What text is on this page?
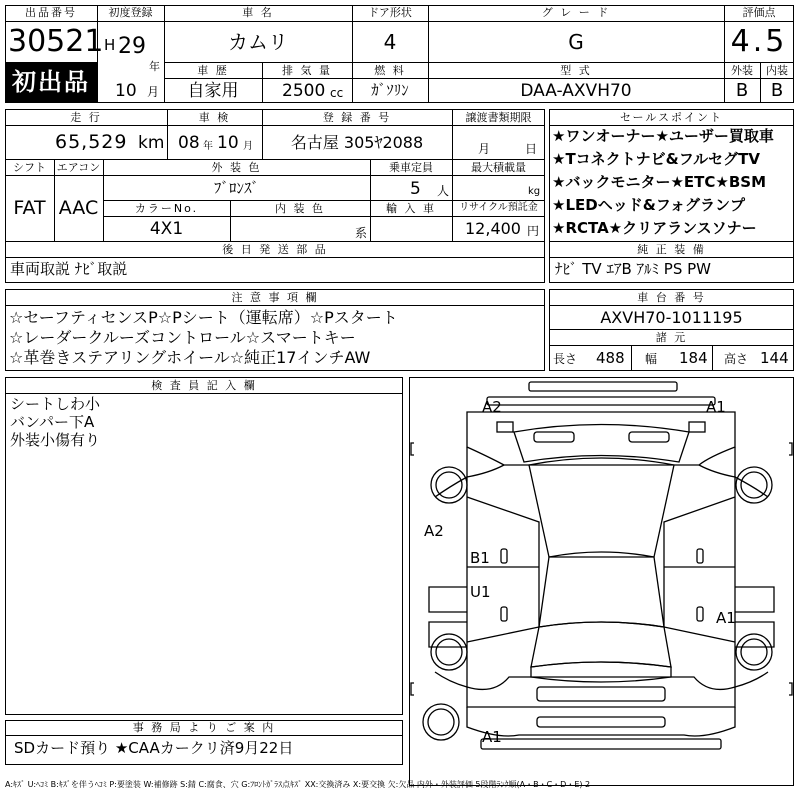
出品番号
30521
初出品
初度登録
H 29
年
10 月
車 名
カムリ
ドア形状
4
グ レ ー ド
G
評価点
4.5
外装	内装
B	B
車 歴
自家用
排 気 量
2500 cc
燃 料
ｶﾞｿﾘﾝ
型 式
DAA-AXVH70
走 行
65,529 km
車 検
08 年 10 月
登 録 番 号
名古屋 305ﾔ2088
譲渡書類期限
月	日
シフト
FAT
エアコン
AAC
外 装 色
ﾌﾞﾛﾝｽﾞ
乗車定員
5 人
最大積載量
kg
カラーNo.
4X1
内 装 色
系
輸 入 車	リサイクル預託金
12,400 円
後 日 発 送 部 品
車両取説 ﾅﾋﾞ取説
セールスポイント
★ワンオーナー★ユーザー買取車
★Tコネクトナビ&フルセグTV
★バックモニター★ETC★BSM
★LEDヘッド&フォグランプ
★RCTA★クリアランスソナー
純 正 装 備
ﾅﾋﾞ TV ｴｱB ｱﾙﾐ PS PW
注 意 事 項 欄
☆セーフティセンスP☆Pシート（運転席）☆Pスタート
☆レーダークルーズコントロール☆スマートキー
☆革巻きステアリングホイール☆純正17インチAW
車 台 番 号
AXVH70-1011195
諸 元
長さ 488 幅 184 高さ 144
検 査 員 記 入 欄
シートしわ小
バンパー下A
外装小傷有り
A2	A1
A2
B1
U1
A1
A1
事 務 局 よ り ご 案 内
SDカード預り ★CAAカークリ済9月22日
A:ｷｽﾞ U:ﾍｺﾐ B:ｷｽﾞを伴うﾍｺﾐ P:要塗装 W:補修跡 S:錆 C:腐食、穴 G:ﾌﾛﾝﾄｶﾞﾗｽ点ｷｽﾞ XX:交換済み X:要交換 欠:欠品 内外・外装評価 5段階ﾗﾝｸ順(A・B・C・D・E) 2
